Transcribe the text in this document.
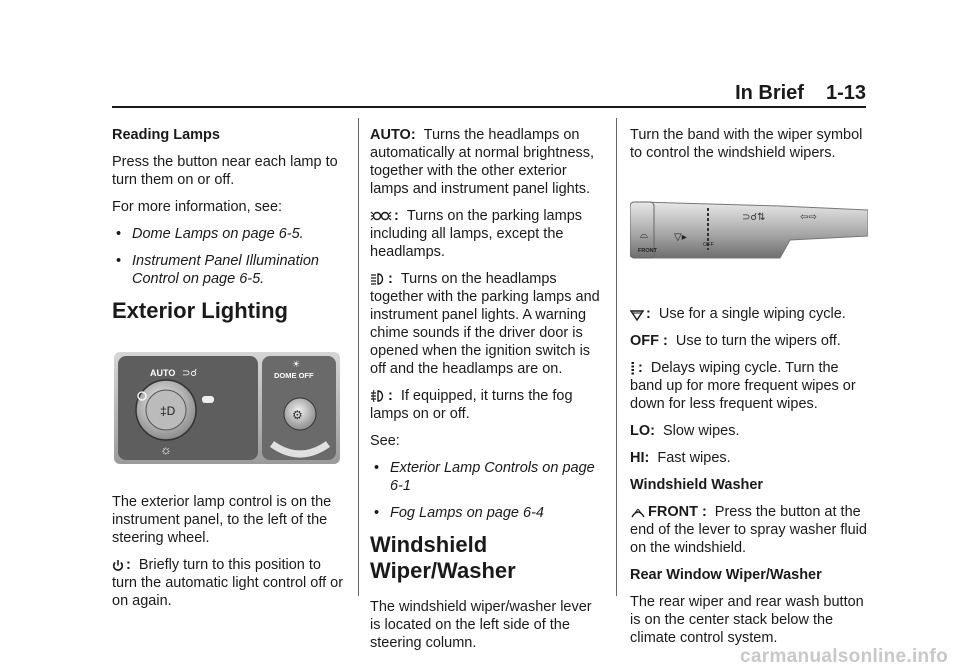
In Brief 1-13

Reading Lamps

Press the button near each lamp to turn them on or off.

For more information, see:

• Dome Lamps on page 6-5.
• Instrument Panel Illumination Control on page 6-5.
Exterior Lighting
AUTO ⊃☌
‡D
☼
DOME OFF
☀
⚙

The exterior lamp control is on the instrument panel, to the left of the steering wheel.

: Briefly turn to this position to turn the automatic light control off or on again.

AUTO: Turns the headlamps on automatically at normal brightness, together with the other exterior lamps and instrument panel lights.

: Turns on the parking lamps including all lamps, except the headlamps.

: Turns on the headlamps together with the parking lamps and instrument panel lights. A warning chime sounds if the driver door is opened when the ignition switch is off and the headlamps are on.

: If equipped, it turns the fog lamps on or off.

See:

• Exterior Lamp Controls on page 6-1
• Fog Lamps on page 6-4
Windshield Wiper/Washer

The windshield wiper/washer lever is located on the left side of the steering column.

Turn the band with the wiper symbol to control the windshield wipers.

⌓
FRONT
▽▸
OFF
⊃☌⇅	⇦⇨

: Use for a single wiping cycle.

OFF : Use to turn the wipers off.

: Delays wiping cycle. Turn the band up for more frequent wipes or down for less frequent wipes.

LO: Slow wipes.

HI: Fast wipes.

Windshield Washer

FRONT : Press the button at the end of the lever to spray washer fluid on the windshield.

Rear Window Wiper/Washer

The rear wiper and rear wash button is on the center stack below the climate control system.

carmanualsonline.info
